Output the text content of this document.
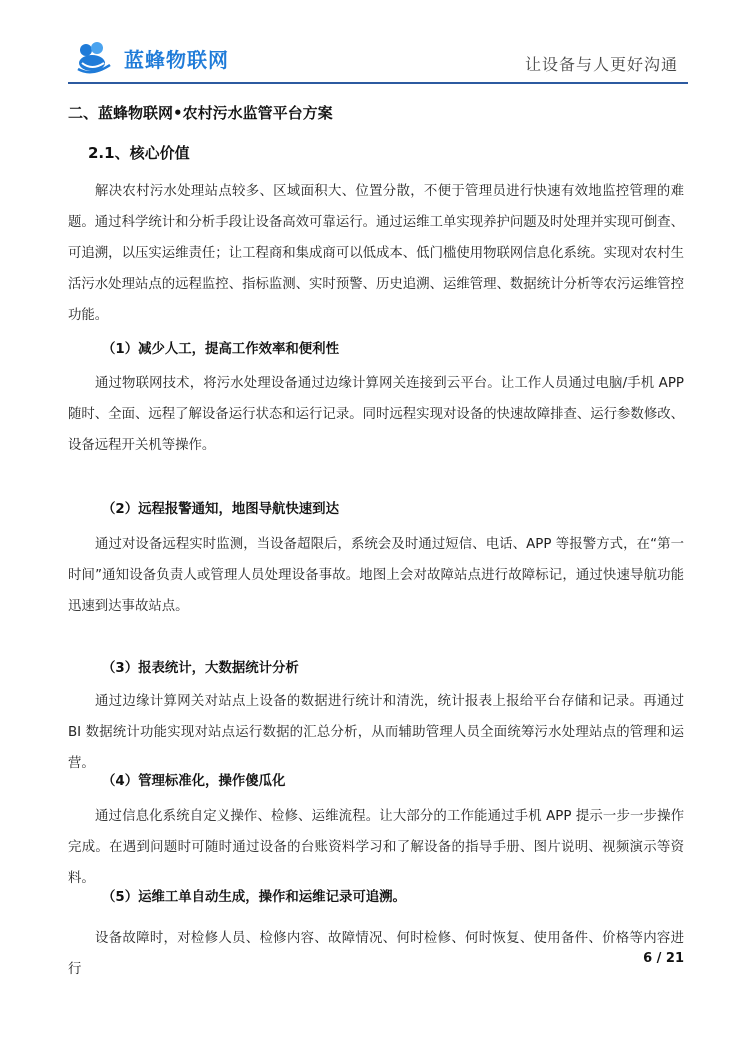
蓝蜂物联网	让设备与人更好沟通
二、蓝蜂物联网•农村污水监管平台方案
2.1、核心价值
解决农村污水处理站点较多、区域面积大、位置分散，不便于管理员进行快速有效地监控管理的难题。通过科学统计和分析手段让设备高效可靠运行。通过运维工单实现养护问题及时处理并实现可倒查、可追溯，以压实运维责任；让工程商和集成商可以低成本、低门槛使用物联网信息化系统。实现对农村生活污水处理站点的远程监控、指标监测、实时预警、历史追溯、运维管理、数据统计分析等农污运维管控功能。
（1）减少人工，提高工作效率和便利性
通过物联网技术，将污水处理设备通过边缘计算网关连接到云平台。让工作人员通过电脑/手机 APP 随时、全面、远程了解设备运行状态和运行记录。同时远程实现对设备的快速故障排查、运行参数修改、设备远程开关机等操作。
（2）远程报警通知，地图导航快速到达
通过对设备远程实时监测，当设备超限后，系统会及时通过短信、电话、APP 等报警方式，在“第一时间”通知设备负责人或管理人员处理设备事故。地图上会对故障站点进行故障标记，通过快速导航功能迅速到达事故站点。
（3）报表统计，大数据统计分析
通过边缘计算网关对站点上设备的数据进行统计和清洗，统计报表上报给平台存储和记录。再通过 BI 数据统计功能实现对站点运行数据的汇总分析，从而辅助管理人员全面统筹污水处理站点的管理和运营。
（4）管理标准化，操作傻瓜化
通过信息化系统自定义操作、检修、运维流程。让大部分的工作能通过手机 APP 提示一步一步操作完成。在遇到问题时可随时通过设备的台账资料学习和了解设备的指导手册、图片说明、视频演示等资料。
（5）运维工单自动生成，操作和运维记录可追溯。
设备故障时，对检修人员、检修内容、故障情况、何时检修、何时恢复、使用备件、价格等内容进行
6 / 21
